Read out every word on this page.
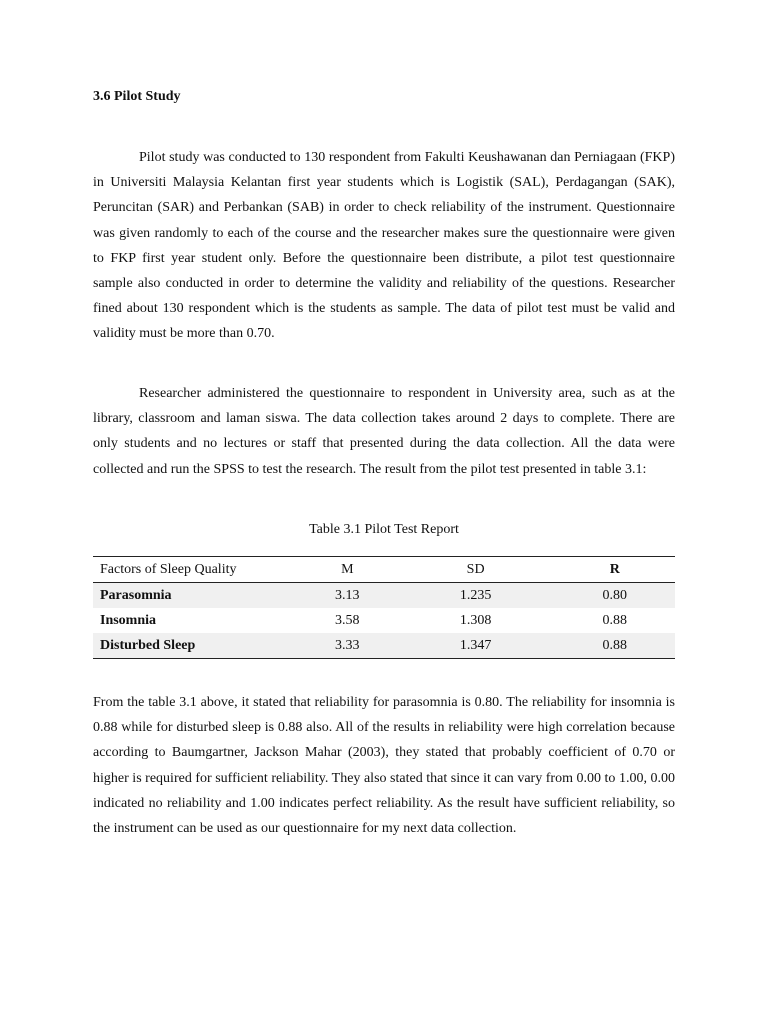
3.6 Pilot Study

Pilot study was conducted to 130 respondent from Fakulti Keushawanan dan Perniagaan (FKP) in Universiti Malaysia Kelantan first year students which is Logistik (SAL), Perdagangan (SAK), Peruncitan (SAR) and Perbankan (SAB) in order to check reliability of the instrument. Questionnaire was given randomly to each of the course and the researcher makes sure the questionnaire were given to FKP first year student only. Before the questionnaire been distribute, a pilot test questionnaire sample also conducted in order to determine the validity and reliability of the questions. Researcher fined about 130 respondent which is the students as sample. The data of pilot test must be valid and validity must be more than 0.70.

Researcher administered the questionnaire to respondent in University area, such as at the library, classroom and laman siswa. The data collection takes around 2 days to complete. There are only students and no lectures or staff that presented during the data collection. All the data were collected and run the SPSS to test the research. The result from the pilot test presented in table 3.1:

Table 3.1 Pilot Test Report

Factors of Sleep Quality	M	SD	R
Parasomnia	3.13	1.235	0.80
Insomnia	3.58	1.308	0.88
Disturbed Sleep	3.33	1.347	0.88

From the table 3.1 above, it stated that reliability for parasomnia is 0.80. The reliability for insomnia is 0.88 while for disturbed sleep is 0.88 also. All of the results in reliability were high correlation because according to Baumgartner, Jackson Mahar (2003), they stated that probably coefficient of 0.70 or higher is required for sufficient reliability. They also stated that since it can vary from 0.00 to 1.00, 0.00 indicated no reliability and 1.00 indicates perfect reliability. As the result have sufficient reliability, so the instrument can be used as our questionnaire for my next data collection.
